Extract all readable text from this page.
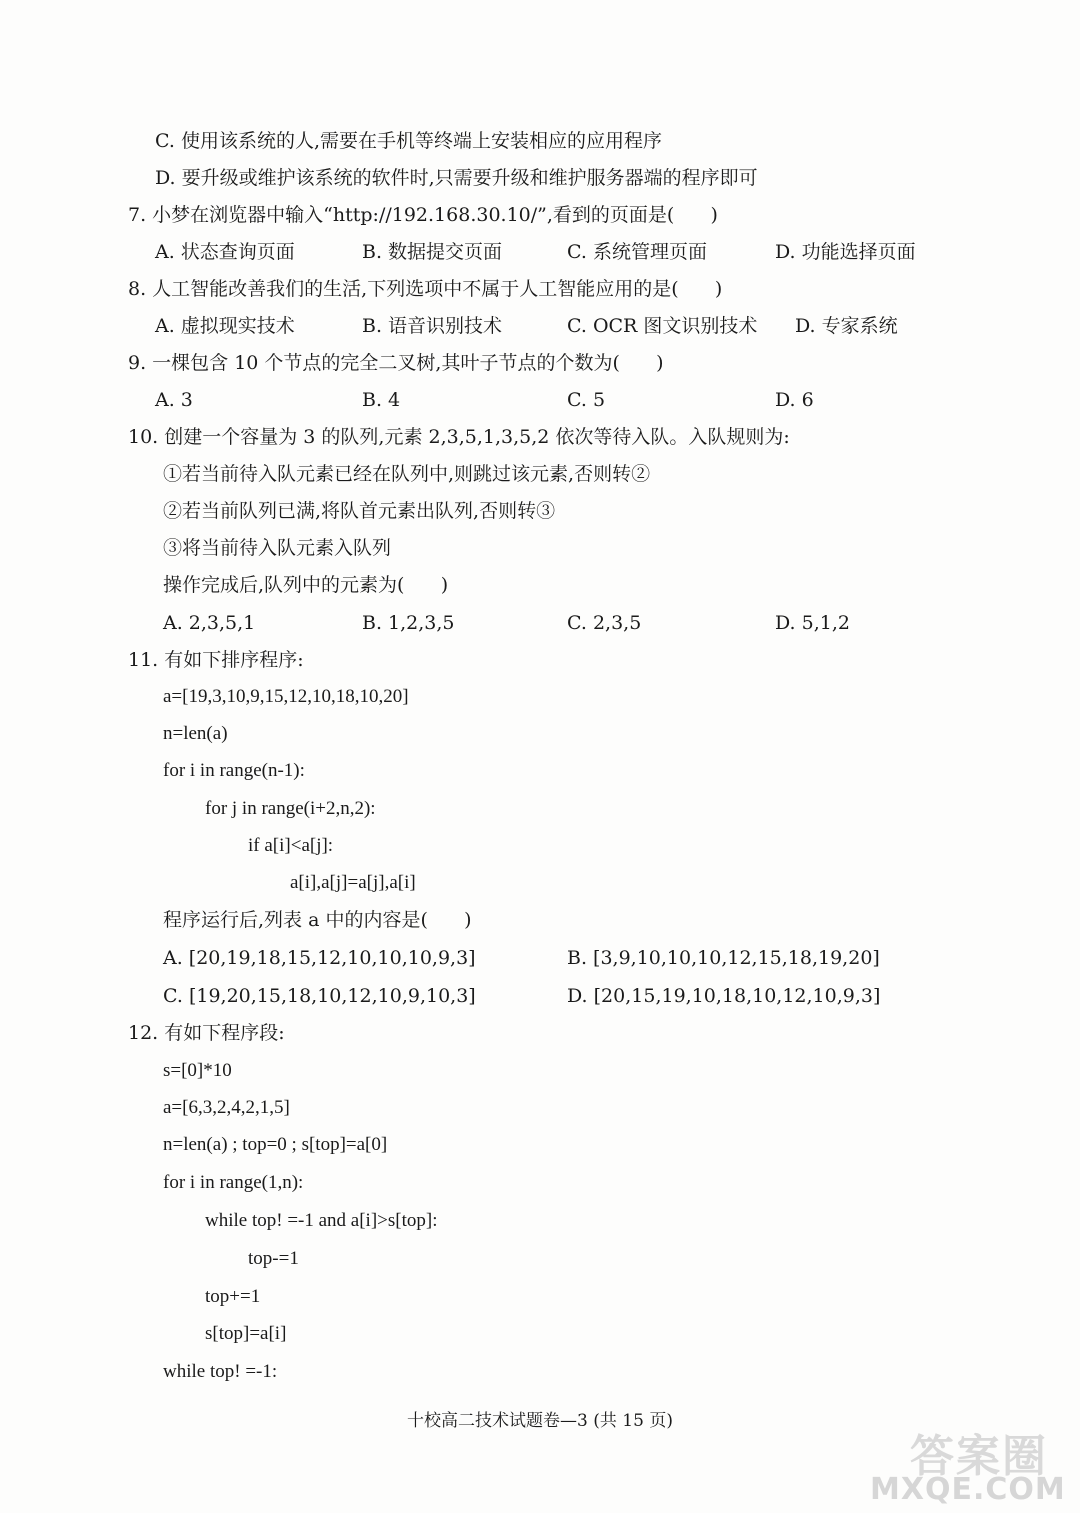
C. 使用该系统的人,需要在手机等终端上安装相应的应用程序
D. 要升级或维护该系统的软件时,只需要升级和维护服务器端的程序即可
7. 小梦在浏览器中输入“http://192.168.30.10/”,看到的页面是(      )
A. 状态查询页面	B. 数据提交页面	C. 系统管理页面	D. 功能选择页面
8. 人工智能改善我们的生活,下列选项中不属于人工智能应用的是(      )
A. 虚拟现实技术	B. 语音识别技术	C. OCR 图文识别技术 D. 专家系统
9. 一棵包含 10 个节点的完全二叉树,其叶子节点的个数为(      )
A. 3	B. 4	C. 5	D. 6
10. 创建一个容量为 3 的队列,元素 2,3,5,1,3,5,2 依次等待入队。入队规则为:
①若当前待入队元素已经在队列中,则跳过该元素,否则转②
②若当前队列已满,将队首元素出队列,否则转③
③将当前待入队元素入队列
操作完成后,队列中的元素为(      )
A. 2,3,5,1	B. 1,2,3,5	C. 2,3,5	D. 5,1,2
11. 有如下排序程序:
a=[19,3,10,9,15,12,10,18,10,20]
n=len(a)
for i in range(n-1):
for j in range(i+2,n,2):
if a[i]<a[j]:
a[i],a[j]=a[j],a[i]
程序运行后,列表 a 中的内容是(      )
A. [20,19,18,15,12,10,10,10,9,3]	B. [3,9,10,10,10,12,15,18,19,20]
C. [19,20,15,18,10,12,10,9,10,3]	D. [20,15,19,10,18,10,12,10,9,3]
12. 有如下程序段:
s=[0]*10
a=[6,3,2,4,2,1,5]
n=len(a) ; top=0 ; s[top]=a[0]
for i in range(1,n):
while top! =-1 and a[i]>s[top]:
top-=1
top+=1
s[top]=a[i]
while top! =-1:
十校高二技术试题卷—3 (共 15 页)
答案圈
MXQE.COM
